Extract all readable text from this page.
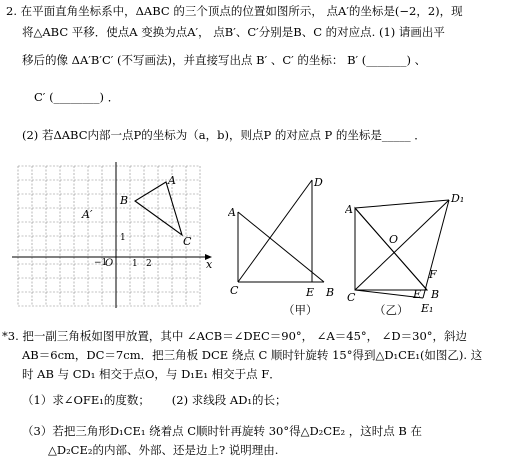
2. 在平面直角坐标系中，ΔABC 的三个顶点的位置如图所示， 点A′的坐标是(−2，2)，现
将△ABC 平移．使点A 变换为点A′， 点B′、C′分别是B、C 的对应点. (1) 请画出平
移后的像 ΔA′B′C′ (不写画法)，并直接写出点 B′ 、C′ 的坐标： B′ (_______) 、
C′ (________) ．
(2) 若ΔABC内部一点P的坐标为（a，b)，则点P 的对应点 P 的坐标是_____ ．
A
B
C
A′
O 1 2
1
−1	x
D
A
C	E B
（甲）
A
C
D₁
O
F
E B
E₁
（乙）
*3. 把一副三角板如图甲放置，其中 ∠ACB＝∠DEC＝90°， ∠A＝45°， ∠D＝30°，斜边
AB＝6cm，DC＝7cm．把三角板 DCE 绕点 C 顺时针旋转 15°得到△D₁CE₁(如图乙). 这
时 AB 与 CD₁ 相交于点O，与 D₁E₁ 相交于点 F．
（1）求∠OFE₁的度数；      (2) 求线段 AD₁的长；
（3）若把三角形D₁CE₁ 绕着点 C顺时针再旋转 30°得△D₂CE₂ ，这时点 B 在
△D₂CE₂的内部、外部、还是边上? 说明理由.
